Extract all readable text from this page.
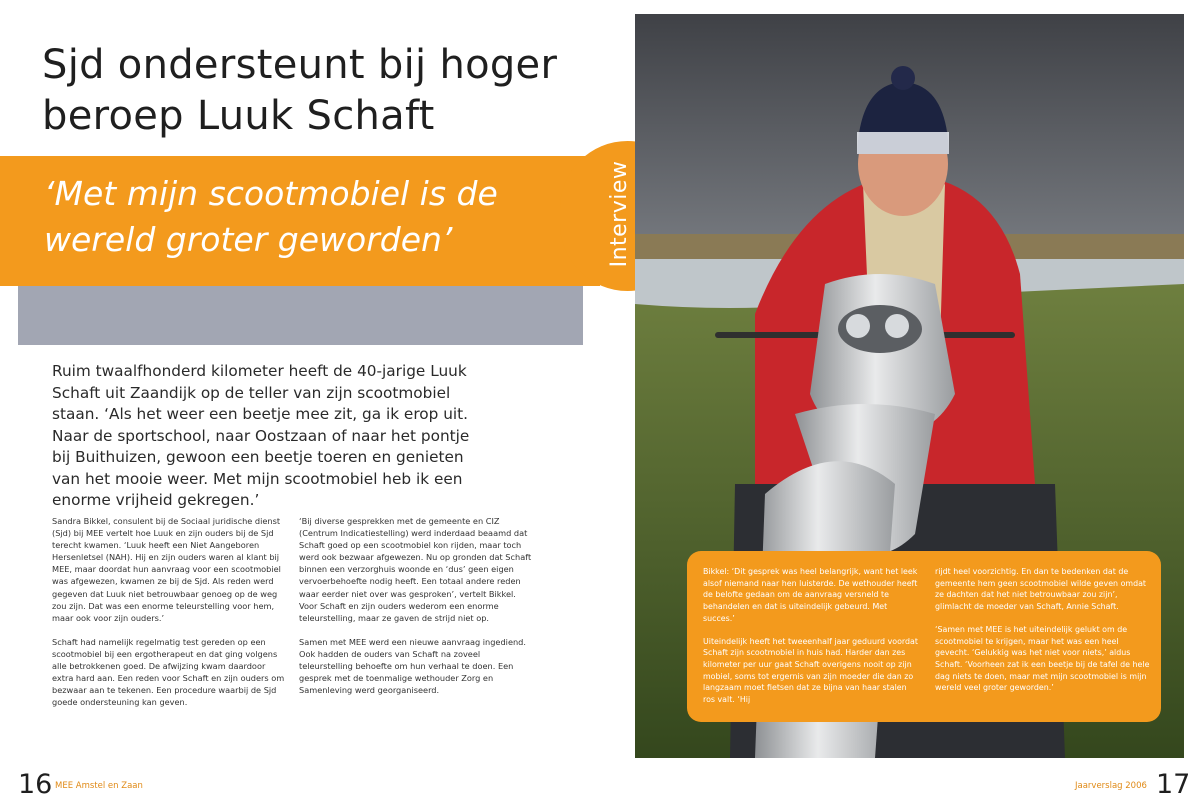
Sjd ondersteunt bij hoger beroep Luuk Schaft

‘Met mijn scootmobiel is de wereld groter geworden’	Interview

Ruim twaalfhonderd kilometer heeft de 40-jarige Luuk Schaft uit Zaandijk op de teller van zijn scootmobiel staan. ‘Als het weer een beetje mee zit, ga ik erop uit. Naar de sportschool, naar Oostzaan of naar het pontje bij Buithuizen, gewoon een beetje toeren en genieten van het mooie weer. Met mijn scootmobiel heb ik een enorme vrijheid gekregen.’

Sandra Bikkel, consulent bij de Sociaal juridische dienst (Sjd) bij MEE vertelt hoe Luuk en zijn ouders bij de Sjd terecht kwamen. ‘Luuk heeft een Niet Aangeboren Hersenletsel (NAH). Hij en zijn ouders waren al klant bij MEE, maar doordat hun aanvraag voor een scootmobiel was afgewezen, kwamen ze bij de Sjd. Als reden werd gegeven dat Luuk niet betrouwbaar genoeg op de weg zou zijn. Dat was een enorme teleurstelling voor hem, maar ook voor zijn ouders.’

Schaft had namelijk regelmatig test gereden op een scootmobiel bij een ergotherapeut en dat ging volgens alle betrokkenen goed. De afwijzing kwam daardoor extra hard aan. Een reden voor Schaft en zijn ouders om bezwaar aan te tekenen. Een procedure waarbij de Sjd goede ondersteuning kan geven.

‘Bij diverse gesprekken met de gemeente en CIZ (Centrum Indicatiestelling) werd inderdaad beaamd dat Schaft goed op een scootmobiel kon rijden, maar toch werd ook bezwaar afgewezen. Nu op gronden dat Schaft binnen een verzorghuis woonde en ‘dus’ geen eigen vervoerbehoefte nodig heeft. Een totaal andere reden waar eerder niet over was gesproken’, vertelt Bikkel. Voor Schaft en zijn ouders wederom een enorme teleurstelling, maar ze gaven de strijd niet op.

Samen met MEE werd een nieuwe aanvraag ingediend. Ook hadden de ouders van Schaft na zoveel teleurstelling behoefte om hun verhaal te doen. Een gesprek met de toenmalige wethouder Zorg en Samenleving werd georganiseerd.

Bikkel: ‘Dit gesprek was heel belangrijk, want het leek alsof niemand naar hen luisterde. De wethouder heeft de belofte gedaan om de aanvraag versneld te behandelen en dat is uiteindelijk gebeurd. Met succes.’

Uiteindelijk heeft het tweeenhalf jaar geduurd voordat Schaft zijn scootmobiel in huis had. Harder dan zes kilometer per uur gaat Schaft overigens nooit op zijn mobiel, soms tot ergernis van zijn moeder die dan zo langzaam moet fietsen dat ze bijna van haar stalen ros valt. ‘Hij

rijdt heel voorzichtig. En dan te bedenken dat de gemeente hem geen scootmobiel wilde geven omdat ze dachten dat het niet betrouwbaar zou zijn’, glimlacht de moeder van Schaft, Annie Schaft.

‘Samen met MEE is het uiteindelijk gelukt om de scootmobiel te krijgen, maar het was een heel gevecht. ‘Gelukkig was het niet voor niets,’ aldus Schaft. ‘Voorheen zat ik een beetje bij de tafel de hele dag niets te doen, maar met mijn scootmobiel is mijn wereld veel groter geworden.’

16 MEE Amstel en Zaan	Jaarverslag 2006 17
